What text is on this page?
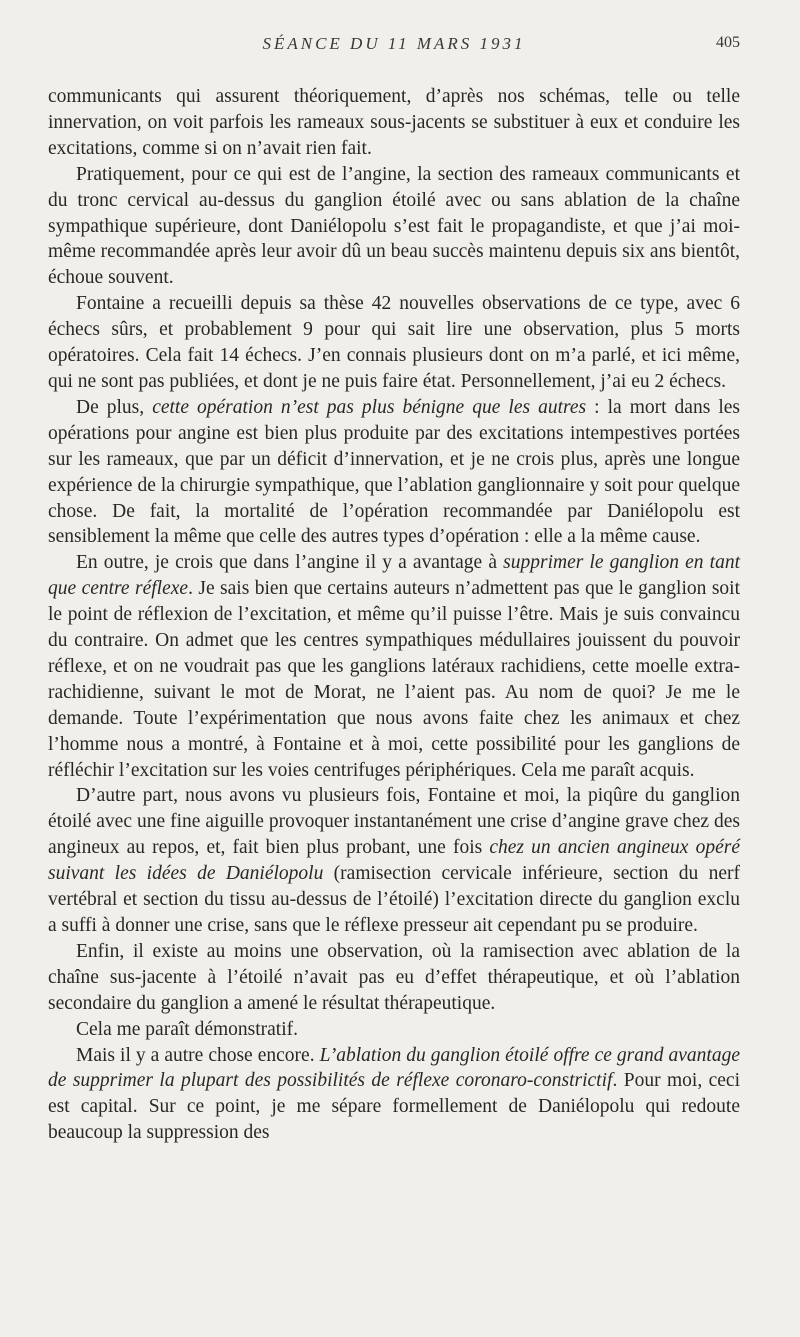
SÉANCE DU 11 MARS 1931	405

communicants qui assurent théoriquement, d’après nos schémas, telle ou telle innervation, on voit parfois les rameaux sous-jacents se substituer à eux et conduire les excitations, comme si on n’avait rien fait.

Pratiquement, pour ce qui est de l’angine, la section des rameaux communicants et du tronc cervical au-dessus du ganglion étoilé avec ou sans ablation de la chaîne sympathique supérieure, dont Daniélopolu s’est fait le propagandiste, et que j’ai moi-même recommandée après leur avoir dû un beau succès maintenu depuis six ans bientôt, échoue souvent.

Fontaine a recueilli depuis sa thèse 42 nouvelles observations de ce type, avec 6 échecs sûrs, et probablement 9 pour qui sait lire une observation, plus 5 morts opératoires. Cela fait 14 échecs. J’en connais plusieurs dont on m’a parlé, et ici même, qui ne sont pas publiées, et dont je ne puis faire état. Personnellement, j’ai eu 2 échecs.

De plus, cette opération n’est pas plus bénigne que les autres : la mort dans les opérations pour angine est bien plus produite par des excitations intempestives portées sur les rameaux, que par un déficit d’innervation, et je ne crois plus, après une longue expérience de la chirurgie sympathique, que l’ablation ganglionnaire y soit pour quelque chose. De fait, la mortalité de l’opération recommandée par Daniélopolu est sensiblement la même que celle des autres types d’opération : elle a la même cause.

En outre, je crois que dans l’angine il y a avantage à supprimer le ganglion en tant que centre réflexe. Je sais bien que certains auteurs n’admettent pas que le ganglion soit le point de réflexion de l’excitation, et même qu’il puisse l’être. Mais je suis convaincu du contraire. On admet que les centres sympathiques médullaires jouissent du pouvoir réflexe, et on ne voudrait pas que les ganglions latéraux rachidiens, cette moelle extra-rachidienne, suivant le mot de Morat, ne l’aient pas. Au nom de quoi? Je me le demande. Toute l’expérimentation que nous avons faite chez les animaux et chez l’homme nous a montré, à Fontaine et à moi, cette possibilité pour les ganglions de réfléchir l’excitation sur les voies centrifuges périphériques. Cela me paraît acquis.

D’autre part, nous avons vu plusieurs fois, Fontaine et moi, la piqûre du ganglion étoilé avec une fine aiguille provoquer instantanément une crise d’angine grave chez des angineux au repos, et, fait bien plus probant, une fois chez un ancien angineux opéré suivant les idées de Daniélopolu (ramisection cervicale inférieure, section du nerf vertébral et section du tissu au-dessus de l’étoilé) l’excitation directe du ganglion exclu a suffi à donner une crise, sans que le réflexe presseur ait cependant pu se produire.

Enfin, il existe au moins une observation, où la ramisection avec ablation de la chaîne sus-jacente à l’étoilé n’avait pas eu d’effet thérapeutique, et où l’ablation secondaire du ganglion a amené le résultat thérapeutique.

Cela me paraît démonstratif.

Mais il y a autre chose encore. L’ablation du ganglion étoilé offre ce grand avantage de supprimer la plupart des possibilités de réflexe coronaro-constrictif. Pour moi, ceci est capital. Sur ce point, je me sépare formellement de Daniélopolu qui redoute beaucoup la suppression des
